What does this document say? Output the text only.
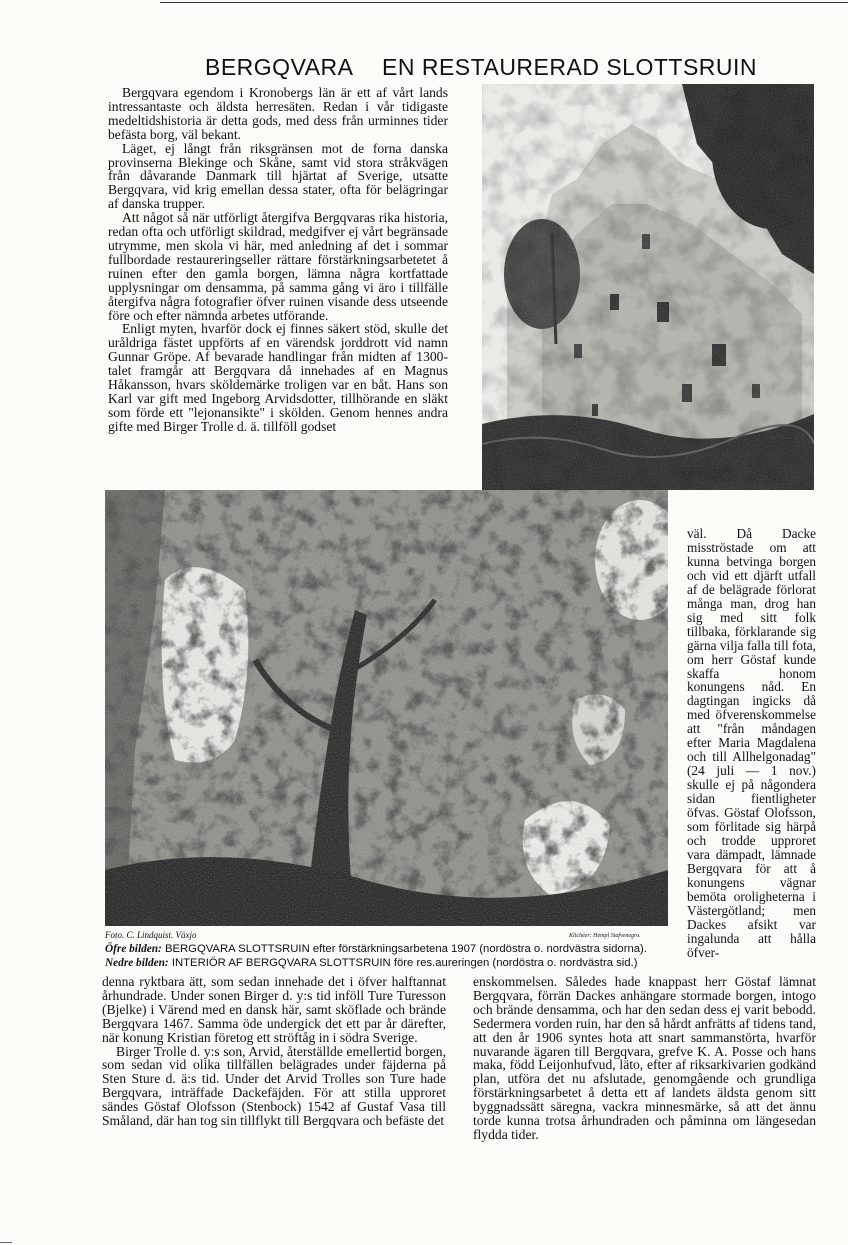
BERGQVARA EN RESTAURERAD SLOTTSRUIN

Bergqvara egendom i Kronobergs län är ett af vårt lands intressantaste och äldsta herresäten. Redan i vår tidigaste medeltidshistoria är detta gods, med dess från urminnes tider befästa borg, väl bekant.

Läget, ej långt från riksgränsen mot de forna danska provinserna Blekinge och Skåne, samt vid stora stråkvägen från dåvarande Danmark till hjärtat af Sverige, utsatte Bergqvara, vid krig emellan dessa stater, ofta för belägringar af danska trupper.

Att något så när utförligt återgifva Bergqvaras rika historia, redan ofta och utförligt skildrad, medgifver ej vårt begränsade utrymme, men skola vi här, med anledning af det i sommar fullbordade restaureringseller rättare förstärkningsarbetetet å ruinen efter den gamla borgen, lämna några kortfattade upplysningar om densamma, på samma gång vi äro i tillfälle återgifva några fotografier öfver ruinen visande dess utseende före och efter nämnda arbetes utförande.

Enligt myten, hvarför dock ej finnes säkert stöd, skulle det uråldriga fästet uppförts af en värendsk jorddrott vid namn Gunnar Gröpe. Af bevarade handlingar från midten af 1300-talet framgår att Bergqvara då innehades af en Magnus Håkansson, hvars sköldemärke troligen var en båt. Hans son Karl var gift med Ingeborg Arvidsdotter, tillhörande en släkt som förde ett "lejonansikte" i skölden. Genom hennes andra gifte med Birger Trolle d. ä. tillföll godset

Foto. C. Lindquist. Växjo	Klichéer: Hempl Stafvenegro.
Öfre bilden: BERGQVARA SLOTTSRUIN efter förstärkningsarbetena 1907 (nordöstra o. nordvästra sidorna).
Nedre bilden: INTERIÖR AF BERGQVARA SLOTTSRUIN före res.aureringen (nordöstra o. nordvästra sid.)

väl. Då Dacke misströstade om att kunna betvinga borgen och vid ett djärft utfall af de belägrade förlorat många man, drog han sig med sitt folk tillbaka, förklarande sig gärna vilja falla till fota, om herr Göstaf kunde skaffa honom konungens nåd. En dagtingan ingicks då med öfverenskommelse att "från måndagen efter Maria Magdalena och till Allhelgonadag" (24 juli — 1 nov.) skulle ej på någondera sidan fientligheter öfvas. Göstaf Olofsson, som förlitade sig härpå och trodde upproret vara dämpadt, lämnade Bergqvara för att å konungens vägnar bemöta oroligheterna i Västergötland; men Dackes afsikt var ingalunda att hålla öfver-

denna ryktbara ätt, som sedan innehade det i öfver halftannat århundrade. Under sonen Birger d. y:s tid inföll Ture Turesson (Bjelke) i Värend med en dansk här, samt sköflade och brände Bergqvara 1467. Samma öde undergick det ett par år därefter, när konung Kristian företog ett ströftåg in i södra Sverige.

Birger Trolle d. y:s son, Arvid, återställde emellertid borgen, som sedan vid olika tillfällen belägrades under fäjderna på Sten Sture d. ä:s tid. Under det Arvid Trolles son Ture hade Bergqvara, inträffade Dackefäjden. För att stilla upproret sändes Göstaf Olofsson (Stenbock) 1542 af Gustaf Vasa till Småland, där han tog sin tillflykt till Bergqvara och befäste det

enskommelsen. Således hade knappast herr Göstaf lämnat Bergqvara, förrän Dackes anhängare stormade borgen, intogo och brände densamma, och har den sedan dess ej varit bebodd. Sedermera vorden ruin, har den så hårdt anfrätts af tidens tand, att den år 1906 syntes hota att snart sammanstörta, hvarför nuvarande ägaren till Bergqvara, grefve K. A. Posse och hans maka, född Leijonhufvud, läto, efter af riksarkivarien godkänd plan, utföra det nu afslutade, genomgående och grundliga förstärkningsarbetet å detta ett af landets äldsta genom sitt byggnadssätt säregna, vackra minnesmärke, så att det ännu torde kunna trotsa århundraden och påminna om längesedan flydda tider.
